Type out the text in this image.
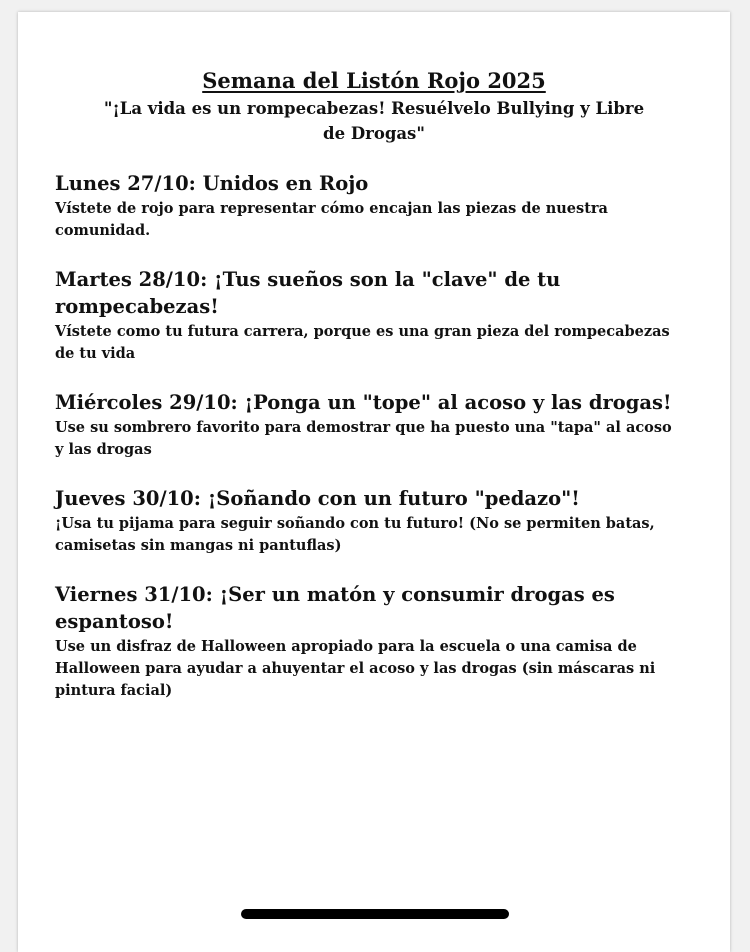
Semana del Listón Rojo 2025

"¡La vida es un rompecabezas! Resuélvelo Bullying y Libre de Drogas"

Lunes 27/10: Unidos en Rojo

Vístete de rojo para representar cómo encajan las piezas de nuestra comunidad.

Martes 28/10: ¡Tus sueños son la "clave" de tu rompecabezas!

Vístete como tu futura carrera, porque es una gran pieza del rompecabezas de tu vida

Miércoles 29/10: ¡Ponga un "tope" al acoso y las drogas!

Use su sombrero favorito para demostrar que ha puesto una "tapa" al acoso y las drogas

Jueves 30/10: ¡Soñando con un futuro "pedazo"!

¡Usa tu pijama para seguir soñando con tu futuro! (No se permiten batas, camisetas sin mangas ni pantuflas)

Viernes 31/10: ¡Ser un matón y consumir drogas es espantoso!

Use un disfraz de Halloween apropiado para la escuela o una camisa de Halloween para ayudar a ahuyentar el acoso y las drogas (sin máscaras ni pintura facial)
